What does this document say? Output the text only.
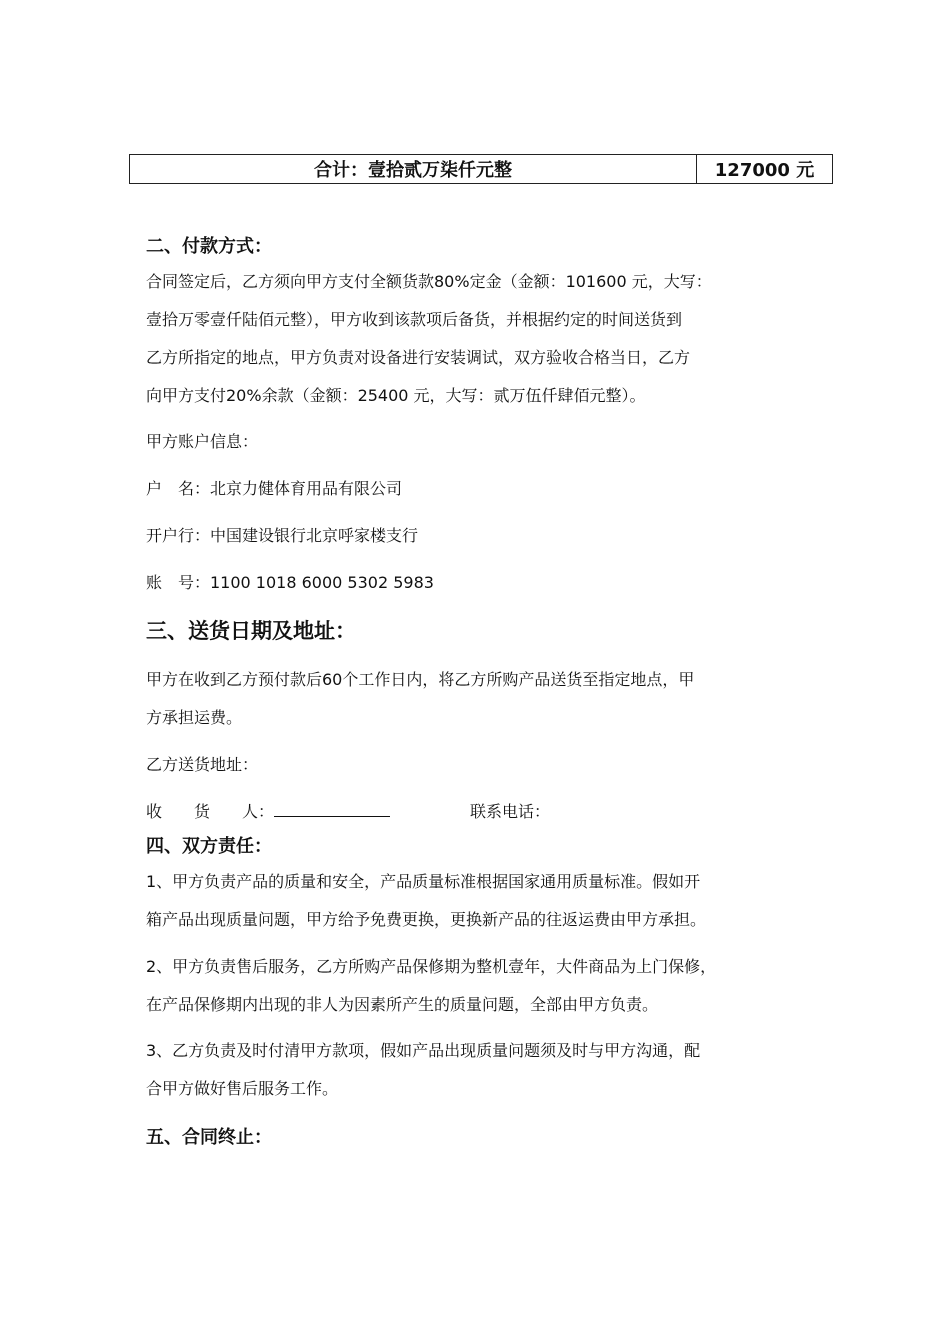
合计：壹拾贰万柒仟元整	127000 元
二、付款方式：

合同签定后，乙方须向甲方支付全额货款80%定金（金额：101600 元，大写：

壹拾万零壹仟陆佰元整），甲方收到该款项后备货，并根据约定的时间送货到

乙方所指定的地点，甲方负责对设备进行安装调试，双方验收合格当日，乙方

向甲方支付20%余款（金额：25400 元，大写：贰万伍仟肆佰元整）。

甲方账户信息：

户　名：北京力健体育用品有限公司

开户行：中国建设银行北京呼家楼支行

账　号：1100 1018 6000 5302 5983

三、送货日期及地址：

甲方在收到乙方预付款后60个工作日内，将乙方所购产品送货至指定地点，甲

方承担运费。

乙方送货地址：

收　　货　　人：	联系电话：

四、双方责任：

1、甲方负责产品的质量和安全，产品质量标准根据国家通用质量标准。假如开

箱产品出现质量问题，甲方给予免费更换，更换新产品的往返运费由甲方承担。

2、甲方负责售后服务，乙方所购产品保修期为整机壹年，大件商品为上门保修，

在产品保修期内出现的非人为因素所产生的质量问题，全部由甲方负责。

3、乙方负责及时付清甲方款项，假如产品出现质量问题须及时与甲方沟通，配

合甲方做好售后服务工作。

五、合同终止：
